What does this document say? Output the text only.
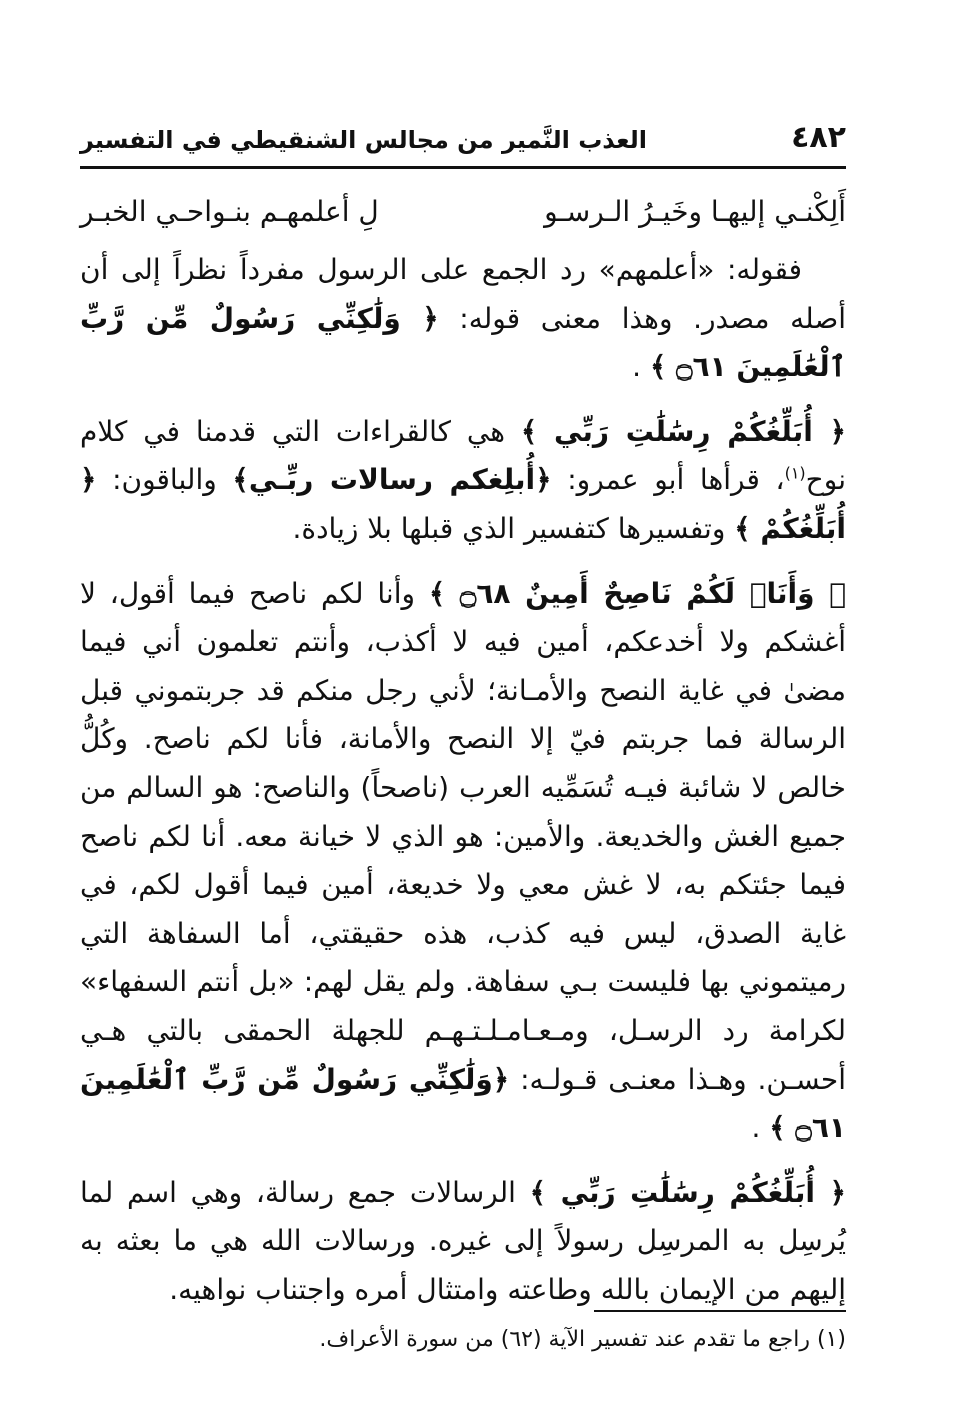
٤٨٢
العذب النَّمير من مجالس الشنقيطي في التفسير
أَلِكْنـي إليهـا وخَيـرُ الـرسـو
لِ أعلمهـم بنـواحـي الخبـر

فقوله: «أعلمهم» رد الجمع على الرسول مفرداً نظراً إلى أن أصله مصدر. وهذا معنى قوله: ﴿ وَلَٰكِنِّي رَسُولٌ مِّن رَّبِّ ٱلْعَٰلَمِينَ ۝٦١ ﴾ .

﴿ أُبَلِّغُكُمْ رِسَٰلَٰتِ رَبِّي ﴾ هي كالقراءات التي قدمنا في كلام نوح$^{(١)}$، قرأها أبو عمرو: ﴿أُبلِغكم رسالات ربِّـي﴾ والباقون: ﴿ أُبَلِّغُكُمْ ﴾ وتفسيرها كتفسير الذي قبلها بلا زيادة.

﴿ وَأَنَا۠ لَكُمْ نَاصِحٌ أَمِينٌ ۝٦٨ ﴾ وأنا لكم ناصح فيما أقول، لا أغشكم ولا أخدعكم، أمين فيه لا أكذب، وأنتم تعلمون أني فيما مضىٰ في غاية النصح والأمـانة؛ لأني رجل منكم قد جربتموني قبل الرسالة فما جربتم فيّ إلا النصح والأمانة، فأنا لكم ناصح. وكُلُّ خالص لا شائبة فيـه تُسَمِّيه العرب (ناصحاً) والناصح: هو السالم من جميع الغش والخديعة. والأمين: هو الذي لا خيانة معه. أنا لكم ناصح فيما جئتكم به، لا غش معي ولا خديعة، أمين فيما أقول لكم، في غاية الصدق، ليس فيه كذب، هذه حقيقتي، أما السفاهة التي رميتموني بها فليست بـي سفاهة. ولم يقل لهم: «بل أنتم السفهاء» لكرامة رد الرسـل، ومـعـامـلـتـهـم للجهلة الحمقى بالتي هـي أحسـن. وهـذا معنـى قـولـه: ﴿وَلَٰكِنِّي رَسُولٌ مِّن رَّبِّ ٱلْعَٰلَمِينَ ۝٦١ ﴾ .

﴿ أُبَلِّغُكُمْ رِسَٰلَٰتِ رَبِّي ﴾ الرسالات جمع رسالة، وهي اسم لما يُرسِل به المرسِل رسولاً إلى غيره. ورسالات الله هي ما بعثه به إليهم من الإيمان بالله وطاعته وامتثال أمره واجتناب نواهيه.

(١) راجع ما تقدم عند تفسير الآية (٦٢) من سورة الأعراف.
